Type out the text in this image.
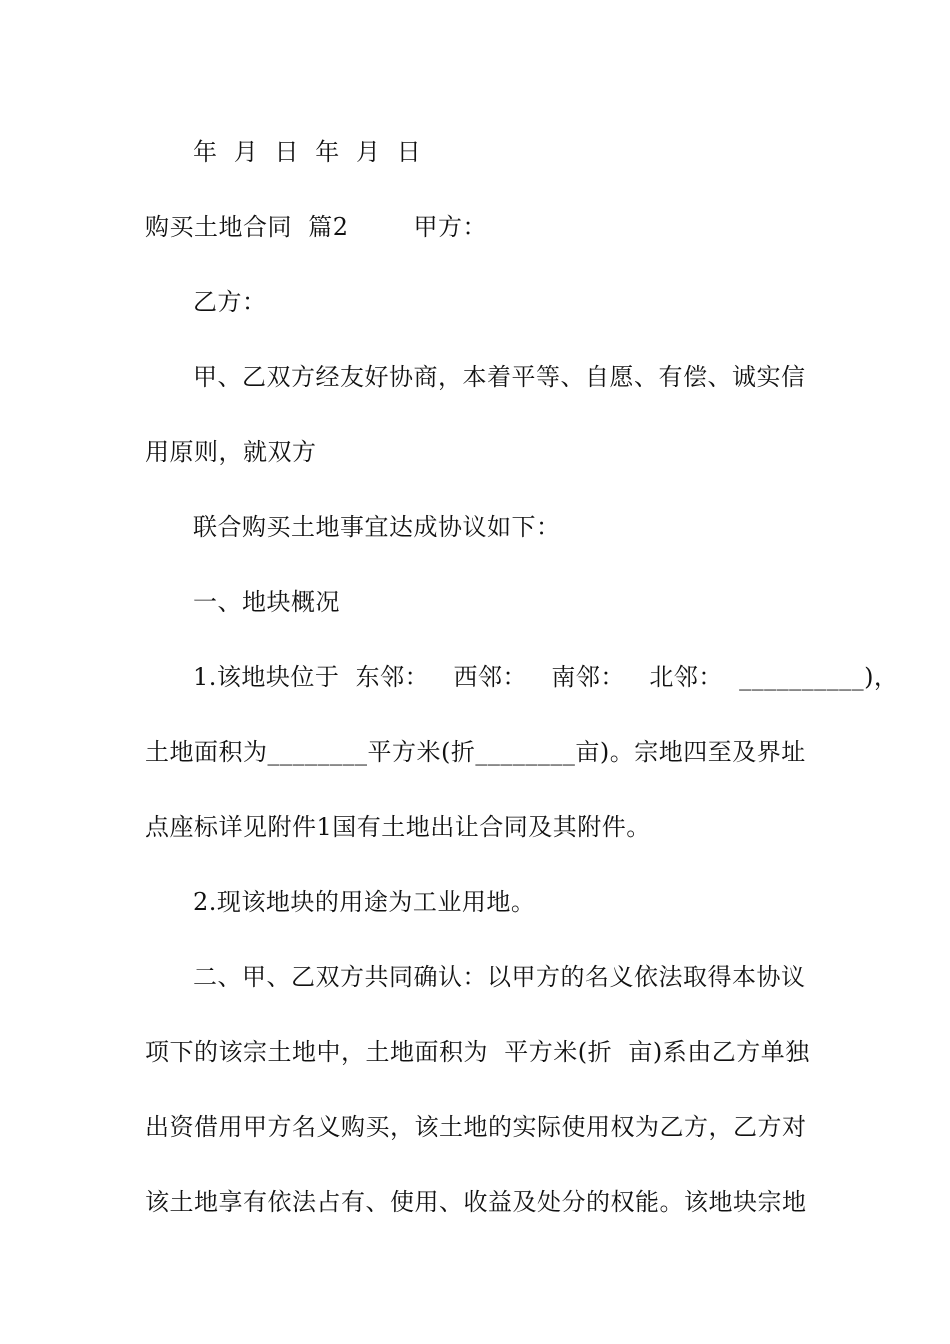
年  月  日  年  月  日
购买土地合同  篇2        甲方：
乙方：
甲、乙双方经友好协商，本着平等、自愿、有偿、诚实信
用原则，就双方
联合购买土地事宜达成协议如下：
一、地块概况
1.该地块位于  东邻：   西邻：   南邻：   北邻：  __________)，
土地面积为________平方米(折________亩)。宗地四至及界址
点座标详见附件1国有土地出让合同及其附件。
2.现该地块的用途为工业用地。
二、甲、乙双方共同确认：以甲方的名义依法取得本协议
项下的该宗土地中，土地面积为  平方米(折  亩)系由乙方单独
出资借用甲方名义购买，该土地的实际使用权为乙方，乙方对
该土地享有依法占有、使用、收益及处分的权能。该地块宗地
